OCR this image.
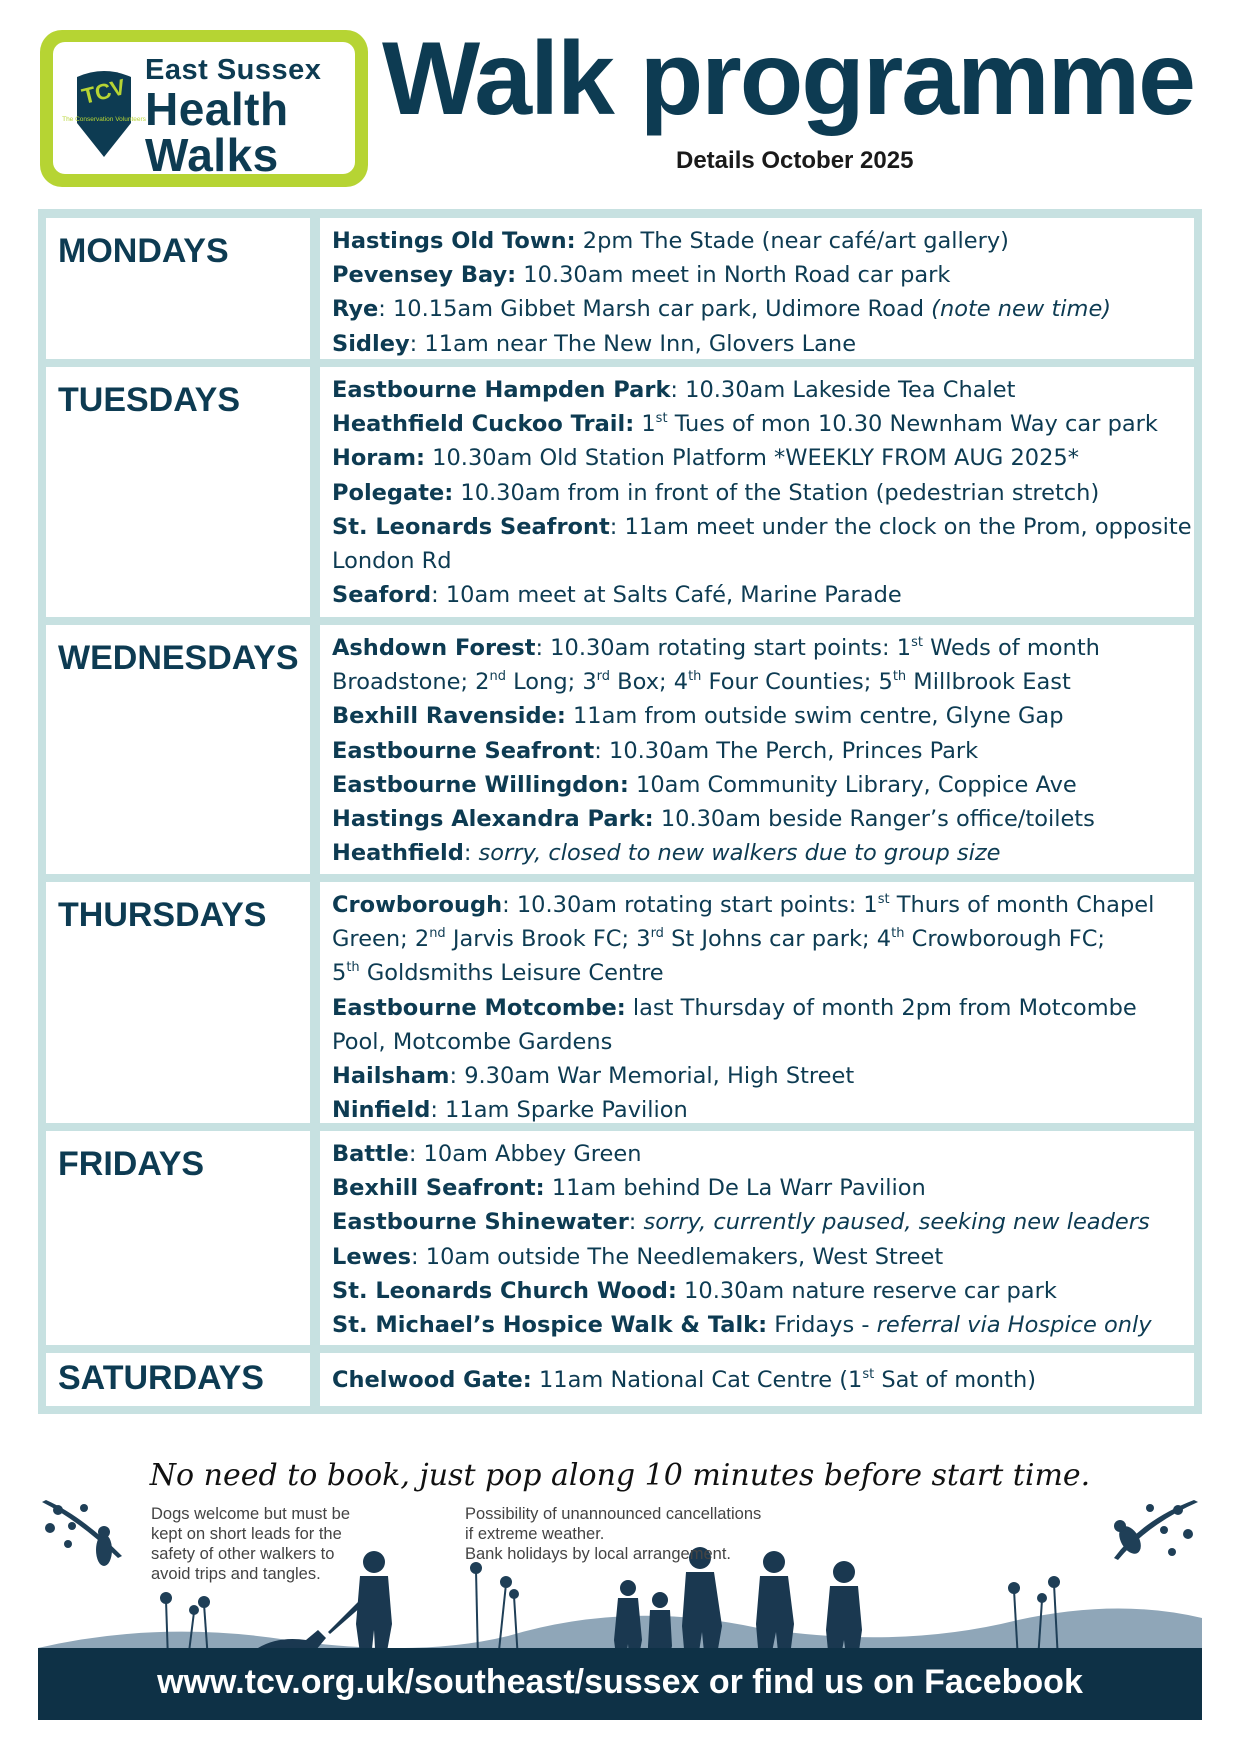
TCV
The Conservation Volunteers
East Sussex
Health
Walks
Walk programme
Details October 2025
MONDAYS	Hastings Old Town: 2pm The Stade (near café/art gallery)
Pevensey Bay: 10.30am meet in North Road car park
Rye: 10.15am Gibbet Marsh car park, Udimore Road (note new time)
Sidley: 11am near The New Inn, Glovers Lane
TUESDAYS	Eastbourne Hampden Park: 10.30am Lakeside Tea Chalet
Heathfield Cuckoo Trail: 1st Tues of mon 10.30 Newnham Way car park
Horam: 10.30am Old Station Platform *WEEKLY FROM AUG 2025*
Polegate: 10.30am from in front of the Station (pedestrian stretch)
St. Leonards Seafront: 11am meet under the clock on the Prom, opposite
London Rd
Seaford: 10am meet at Salts Café, Marine Parade
WEDNESDAYS	Ashdown Forest: 10.30am rotating start points: 1st Weds of month
Broadstone; 2nd Long; 3rd Box; 4th Four Counties; 5th Millbrook East
Bexhill Ravenside: 11am from outside swim centre, Glyne Gap
Eastbourne Seafront: 10.30am The Perch, Princes Park
Eastbourne Willingdon: 10am Community Library, Coppice Ave
Hastings Alexandra Park: 10.30am beside Ranger’s office/toilets
Heathfield: sorry, closed to new walkers due to group size
THURSDAYS	Crowborough: 10.30am rotating start points: 1st Thurs of month Chapel
Green; 2nd Jarvis Brook FC; 3rd St Johns car park; 4th Crowborough FC;
5th Goldsmiths Leisure Centre
Eastbourne Motcombe: last Thursday of month 2pm from Motcombe
Pool, Motcombe Gardens
Hailsham: 9.30am War Memorial, High Street
Ninfield: 11am Sparke Pavilion
FRIDAYS	Battle: 10am Abbey Green
Bexhill Seafront: 11am behind De La Warr Pavilion
Eastbourne Shinewater: sorry, currently paused, seeking new leaders
Lewes: 10am outside The Needlemakers, West Street
St. Leonards Church Wood: 10.30am nature reserve car park
St. Michael’s Hospice Walk & Talk: Fridays - referral via Hospice only
SATURDAYS	Chelwood Gate: 11am National Cat Centre (1st Sat of month)
No need to book, just pop along 10 minutes before start time.
Dogs welcome but must be kept on short leads for the safety of other walkers to avoid trips and tangles.
Possibility of unannounced cancellations
if extreme weather.
Bank holidays by local arrangement.
www.tcv.org.uk/southeast/sussex or find us on Facebook
